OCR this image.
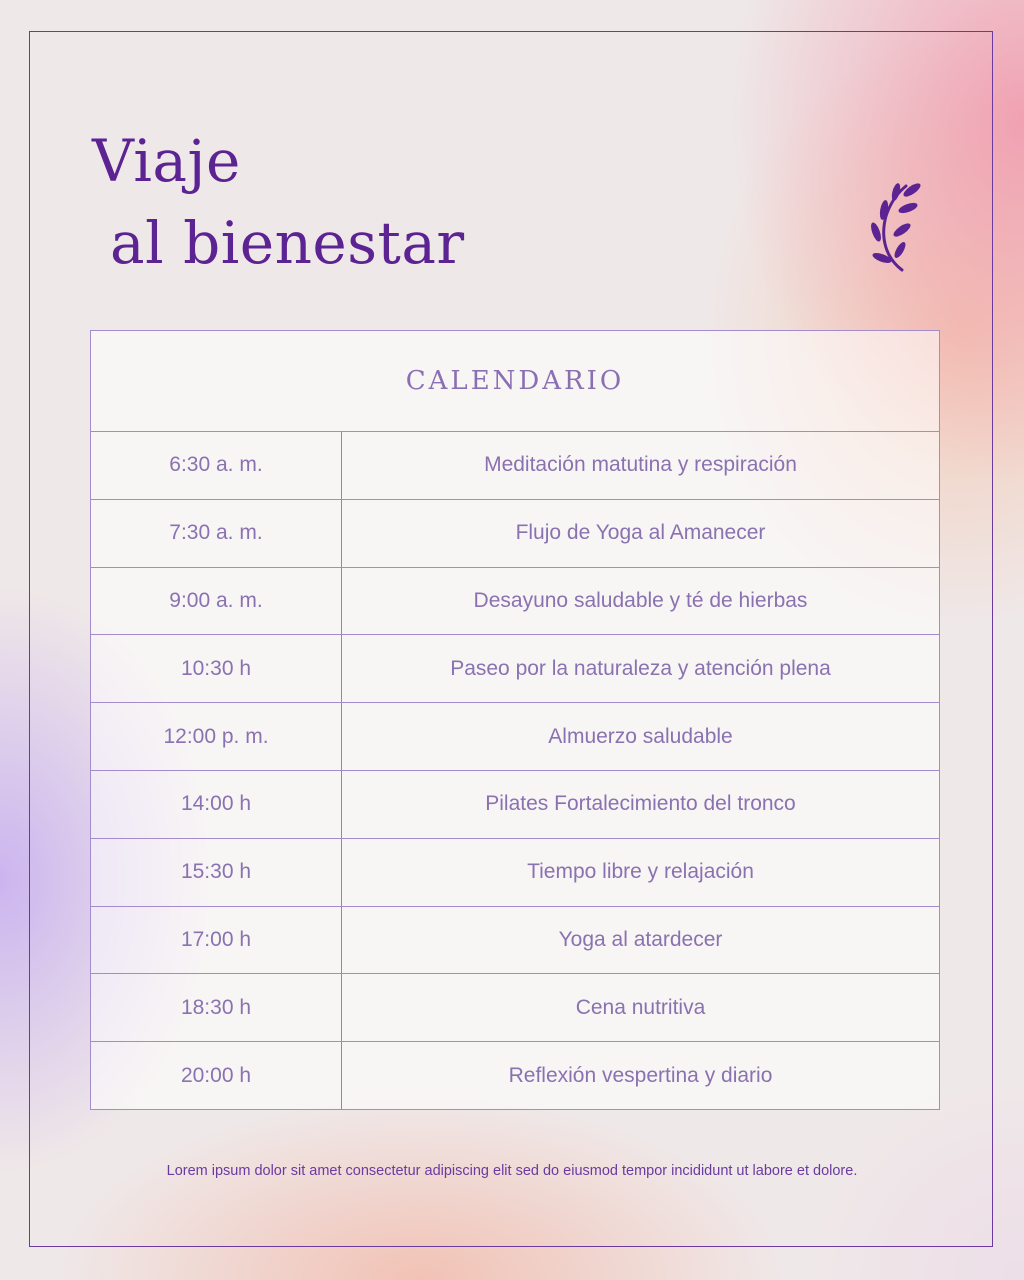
Viaje
al bienestar
CALENDARIO
6:30 a. m.	Meditación matutina y respiración
7:30 a. m.	Flujo de Yoga al Amanecer
9:00 a. m.	Desayuno saludable y té de hierbas
10:30 h	Paseo por la naturaleza y atención plena
12:00 p. m.	Almuerzo saludable
14:00 h	Pilates Fortalecimiento del tronco
15:30 h	Tiempo libre y relajación
17:00 h	Yoga al atardecer
18:30 h	Cena nutritiva
20:00 h	Reflexión vespertina y diario
Lorem ipsum dolor sit amet consectetur adipiscing elit sed do eiusmod tempor incididunt ut labore et dolore.
